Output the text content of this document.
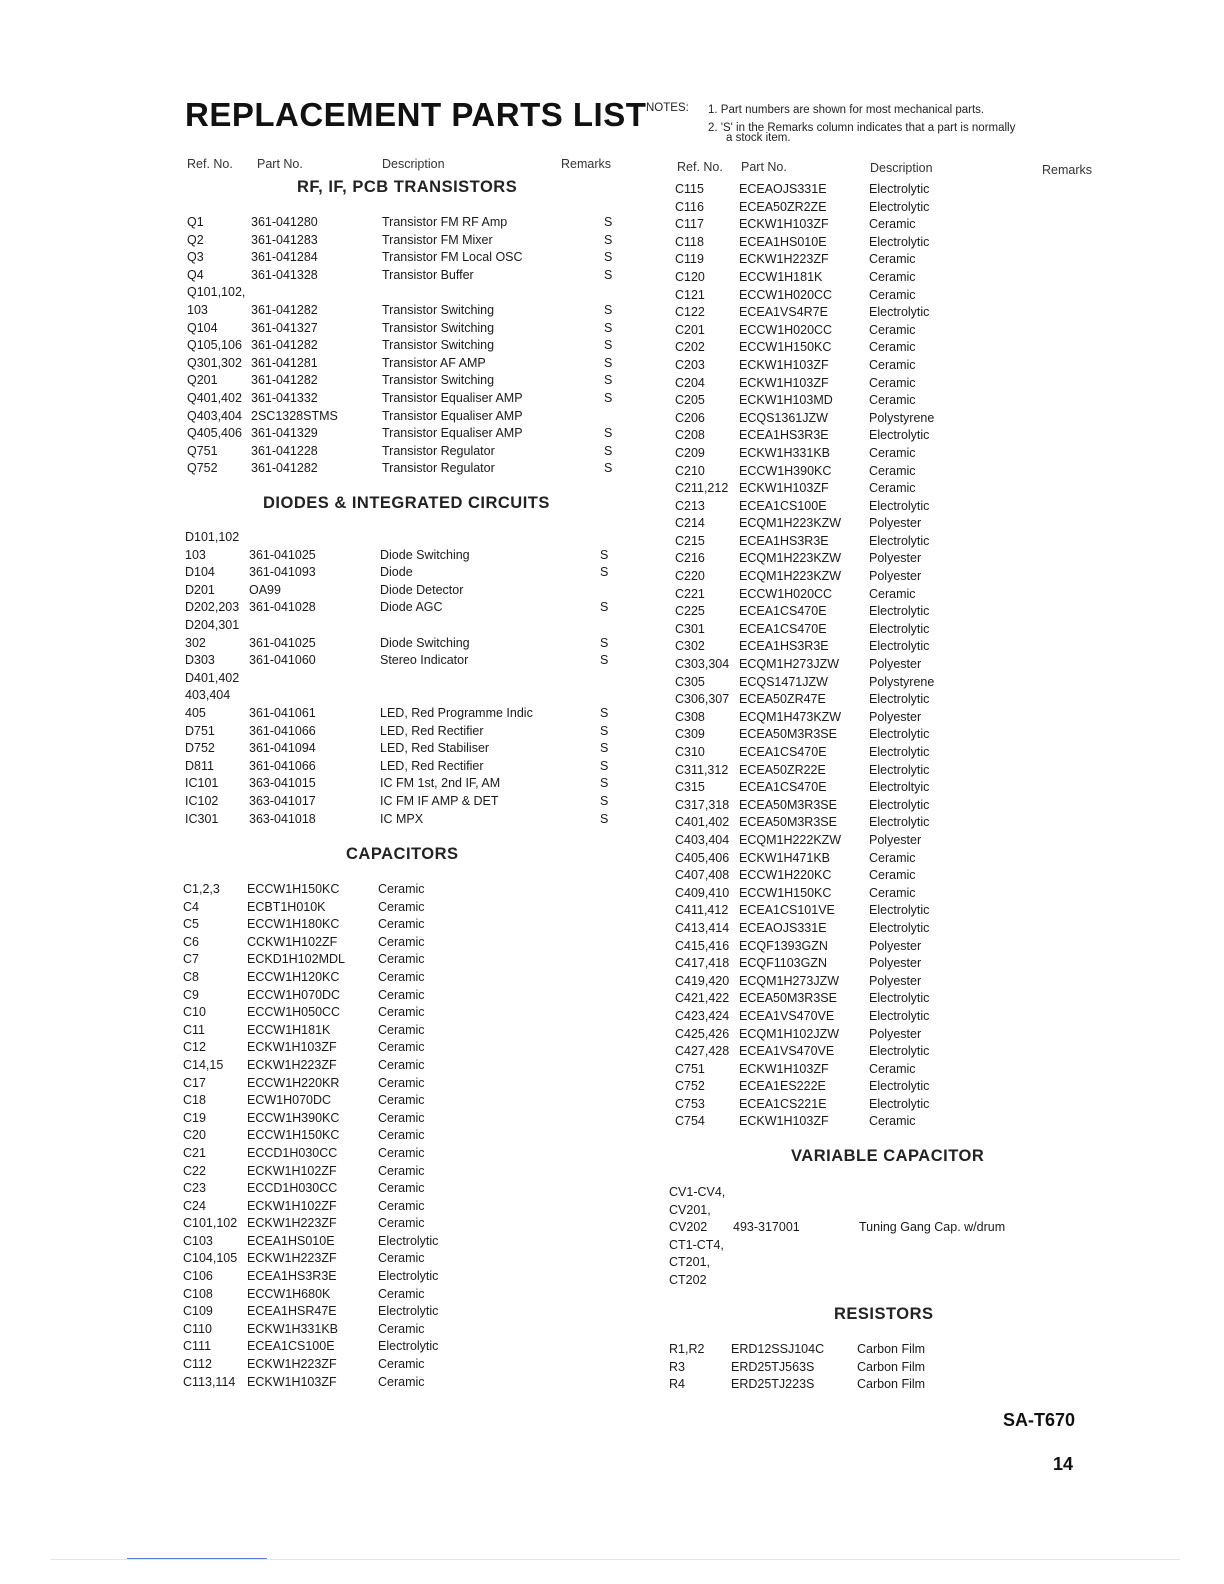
REPLACEMENT PARTS LIST NOTES: 1. Part numbers are shown for most mechanical parts.
2. 'S' in the Remarks column indicates that a part is normally
a stock item.
Ref. No. Part No.	Description	Remarks	Ref. No. Part No.	Description	Remarks
RF, IF, PCB TRANSISTORS
DIODES & INTEGRATED CIRCUITS
CAPACITORS
VARIABLE CAPACITOR
RESISTORS
Q1	361-041280	Transistor FM RF Amp	S
Q2	361-041283	Transistor FM Mixer	S
Q3	361-041284	Transistor FM Local OSC	S
Q4	361-041328	Transistor Buffer	S
Q101,102,
103	361-041282	Transistor Switching	S
Q104	361-041327	Transistor Switching	S
Q105,106 361-041282	Transistor Switching	S
Q301,302 361-041281	Transistor AF AMP	S
Q201	361-041282	Transistor Switching	S
Q401,402 361-041332	Transistor Equaliser AMP	S
Q403,404 2SC1328STMS	Transistor Equaliser AMP
Q405,406 361-041329	Transistor Equaliser AMP	S
Q751	361-041228	Transistor Regulator	S
Q752	361-041282	Transistor Regulator	S
D101,102
103	361-041025	Diode Switching	S
D104	361-041093	Diode	S
D201	OA99	Diode Detector
D202,203 361-041028	Diode AGC	S
D204,301
302	361-041025	Diode Switching	S
D303	361-041060	Stereo Indicator	S
D401,402
403,404
405	361-041061	LED, Red Programme Indic	S
D751	361-041066	LED, Red Rectifier	S
D752	361-041094	LED, Red Stabiliser	S
D811	361-041066	LED, Red Rectifier	S
IC101 363-041015	IC FM 1st, 2nd IF, AM	S
IC102 363-041017	IC FM IF AMP & DET	S
IC301 363-041018	IC MPX	S
C1,2,3 ECCW1H150KC	Ceramic
C4	ECBT1H010K	Ceramic
C5	ECCW1H180KC	Ceramic
C6	CCKW1H102ZF	Ceramic
C7	ECKD1H102MDL	Ceramic
C8	ECCW1H120KC	Ceramic
C9	ECCW1H070DC	Ceramic
C10	ECCW1H050CC	Ceramic
C11	ECCW1H181K	Ceramic
C12	ECKW1H103ZF	Ceramic
C14,15 ECKW1H223ZF	Ceramic
C17	ECCW1H220KR	Ceramic
C18	ECW1H070DC	Ceramic
C19	ECCW1H390KC	Ceramic
C20	ECCW1H150KC	Ceramic
C21	ECCD1H030CC	Ceramic
C22	ECKW1H102ZF	Ceramic
C23	ECCD1H030CC	Ceramic
C24	ECKW1H102ZF	Ceramic
C101,102 ECKW1H223ZF	Ceramic
C103	ECEA1HS010E	Electrolytic
C104,105 ECKW1H223ZF	Ceramic
C106	ECEA1HS3R3E	Electrolytic
C108	ECCW1H680K	Ceramic
C109	ECEA1HSR47E	Electrolytic
C110	ECKW1H331KB	Ceramic
C111	ECEA1CS100E	Electrolytic
C112	ECKW1H223ZF	Ceramic
C113,114 ECKW1H103ZF	Ceramic
C115	ECEAOJS331E	Electrolytic
C116	ECEA50ZR2ZE	Electrolytic
C117	ECKW1H103ZF	Ceramic
C118	ECEA1HS010E	Electrolytic
C119	ECKW1H223ZF	Ceramic
C120	ECCW1H181K	Ceramic
C121	ECCW1H020CC	Ceramic
C122	ECEA1VS4R7E	Electrolytic
C201	ECCW1H020CC	Ceramic
C202	ECCW1H150KC	Ceramic
C203	ECKW1H103ZF	Ceramic
C204	ECKW1H103ZF	Ceramic
C205	ECKW1H103MD	Ceramic
C206	ECQS1361JZW	Polystyrene
C208	ECEA1HS3R3E	Electrolytic
C209	ECKW1H331KB	Ceramic
C210	ECCW1H390KC	Ceramic
C211,212 ECKW1H103ZF	Ceramic
C213	ECEA1CS100E	Electrolytic
C214	ECQM1H223KZW Polyester
C215	ECEA1HS3R3E	Electrolytic
C216	ECQM1H223KZW Polyester
C220	ECQM1H223KZW Polyester
C221	ECCW1H020CC	Ceramic
C225	ECEA1CS470E	Electrolytic
C301	ECEA1CS470E	Electrolytic
C302	ECEA1HS3R3E	Electrolytic
C303,304 ECQM1H273JZW Polyester
C305	ECQS1471JZW	Polystyrene
C306,307 ECEA50ZR47E	Electrolytic
C308	ECQM1H473KZW Polyester
C309	ECEA50M3R3SE	Electrolytic
C310	ECEA1CS470E	Electrolytic
C311,312 ECEA50ZR22E	Electrolytic
C315	ECEA1CS470E	Electroltyic
C317,318 ECEA50M3R3SE	Electrolytic
C401,402 ECEA50M3R3SE	Electrolytic
C403,404 ECQM1H222KZW Polyester
C405,406 ECKW1H471KB	Ceramic
C407,408 ECCW1H220KC	Ceramic
C409,410 ECCW1H150KC	Ceramic
C411,412 ECEA1CS101VE	Electrolytic
C413,414 ECEAOJS331E	Electrolytic
C415,416 ECQF1393GZN	Polyester
C417,418 ECQF1103GZN	Polyester
C419,420 ECQM1H273JZW Polyester
C421,422 ECEA50M3R3SE	Electrolytic
C423,424 ECEA1VS470VE	Electrolytic
C425,426 ECQM1H102JZW Polyester
C427,428 ECEA1VS470VE	Electrolytic
C751	ECKW1H103ZF	Ceramic
C752	ECEA1ES222E	Electrolytic
C753	ECEA1CS221E	Electrolytic
C754	ECKW1H103ZF	Ceramic
CV1-CV4,
CV201,
CV202 493-317001	Tuning Gang Cap. w/drum
CT1-CT4,
CT201,
CT202
R1,R2 ERD12SSJ104C	Carbon Film
R3	ERD25TJ563S	Carbon Film
R4	ERD25TJ223S	Carbon Film
SA-T670
14
